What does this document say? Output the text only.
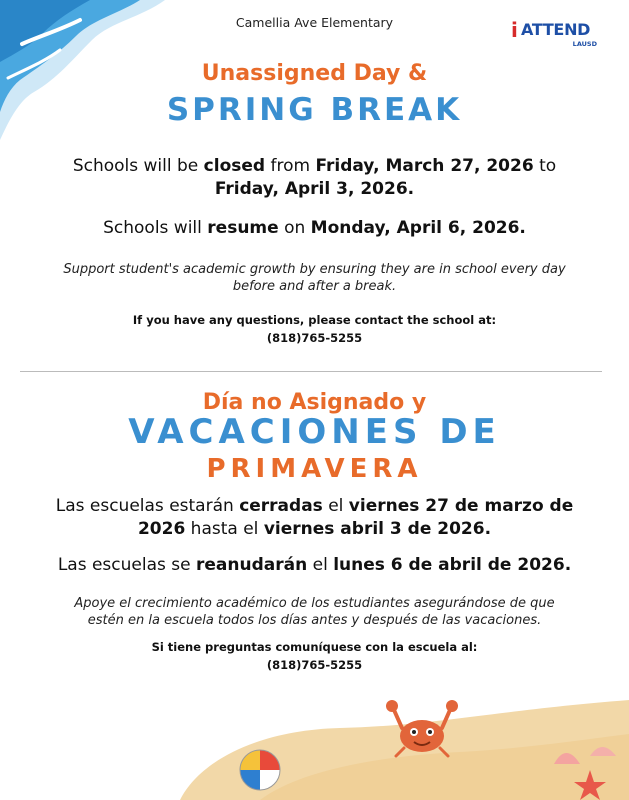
Camellia Ave Elementary	i ATTEND
LAUSD
Unassigned Day &
SPRING BREAK
Schools will be closed from Friday, March 27, 2026 to
Friday, April 3, 2026.
Schools will resume on Monday, April 6, 2026.
Support student's academic growth by ensuring they are in school every day
before and after a break.
If you have any questions, please contact the school at:
(818)765-5255
Día no Asignado y
VACACIONES DE
PRIMAVERA
Las escuelas estarán cerradas el viernes 27 de marzo de
2026 hasta el viernes abril 3 de 2026.
Las escuelas se reanudarán el lunes 6 de abril de 2026.
Apoye el crecimiento académico de los estudiantes asegurándose de que
estén en la escuela todos los días antes y después de las vacaciones.
Si tiene preguntas comuníquese con la escuela al:
(818)765-5255
